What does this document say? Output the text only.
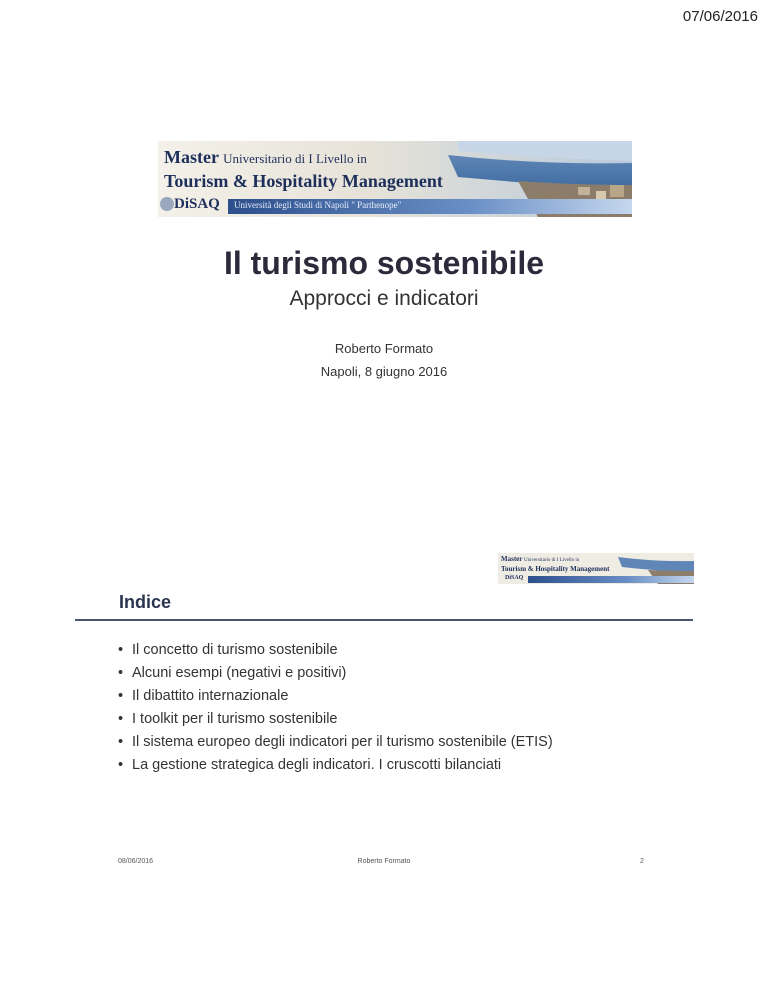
07/06/2016
Master Universitario di I Livello in
Tourism & Hospitality Management
DiSAQ Università degli Studi di Napoli " Parthenope"
Il turismo sostenibile
Approcci e indicatori
Roberto Formato
Napoli, 8 giugno 2016
Master Universitario di I Livello in
Tourism & Hospitality Management
DiSAQ
Indice
• Il concetto di turismo sostenibile
• Alcuni esempi (negativi e positivi)
• Il dibattito internazionale
• I toolkit per il turismo sostenibile
• Il sistema europeo degli indicatori per il turismo sostenibile (ETIS)
• La gestione strategica degli indicatori. I cruscotti bilanciati
08/06/2016	Roberto Formato	2
